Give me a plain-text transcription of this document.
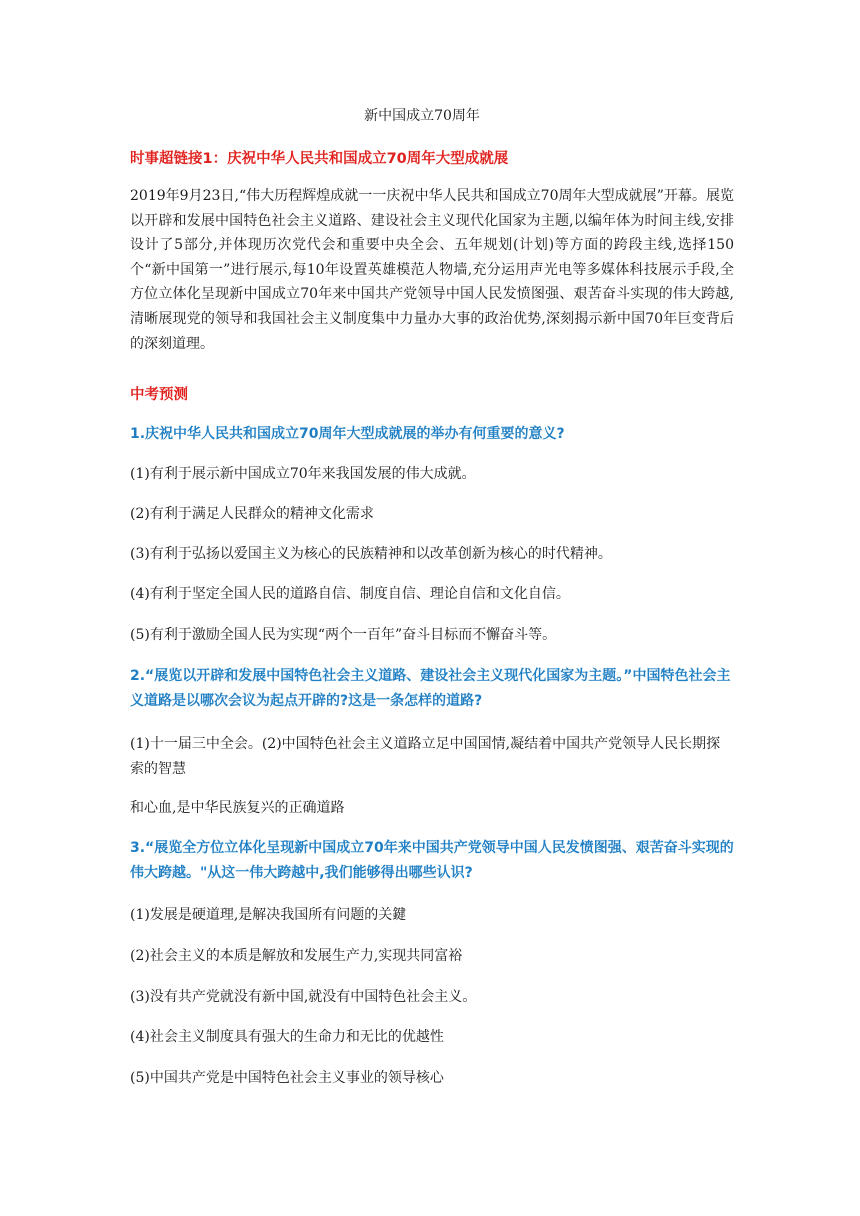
新中国成立70周年
时事超链接1：庆祝中华人民共和国成立70周年大型成就展
2019年9月23日,“伟大历程辉煌成就一一庆祝中华人民共和国成立70周年大型成就展”开幕。展览以开辟和发展中国特色社会主义道路、建设社会主义现代化国家为主题,以编年体为时间主线,安排设计了5部分,并体现历次党代会和重要中央全会、五年规划(计划)等方面的跨段主线,选择150个“新中国第一”进行展示,每10年设置英雄模范人物墙,充分运用声光电等多媒体科技展示手段,全方位立体化呈现新中国成立70年来中国共产党领导中国人民发愤图强、艰苦奋斗实现的伟大跨越,清晰展现党的领导和我国社会主义制度集中力量办大事的政治优势,深刻揭示新中国70年巨变背后的深刻道理。
中考预测
1.庆祝中华人民共和国成立70周年大型成就展的举办有何重要的意义?
(1)有利于展示新中国成立70年来我国发展的伟大成就。
(2)有利于满足人民群众的精神文化需求
(3)有利于弘扬以爱国主义为核心的民族精神和以改革创新为核心的时代精神。
(4)有利于坚定全国人民的道路自信、制度自信、理论自信和文化自信。
(5)有利于激励全国人民为实现“两个一百年”奋斗目标而不懈奋斗等。
2.“展览以开辟和发展中国特色社会主义道路、建设社会主义现代化国家为主题。”中国特色社会主义道路是以哪次会议为起点开辟的?这是一条怎样的道路?
(1)十一届三中全会。(2)中国特色社会主义道路立足中国国情,凝结着中国共产党领导人民长期探索的智慧
和心血,是中华民族复兴的正确道路
3.“展览全方位立体化呈现新中国成立70年来中国共产党领导中国人民发愤图强、艰苦奋斗实现的伟大跨越。"从这一伟大跨越中,我们能够得出哪些认识?
(1)发展是硬道理,是解决我国所有问题的关鍵
(2)社会主义的本质是解放和发展生产力,实现共同富裕
(3)没有共产党就没有新中国,就没有中国特色社会主义。
(4)社会主义制度具有强大的生命力和无比的优越性
(5)中国共产党是中国特色社会主义事业的领导核心
